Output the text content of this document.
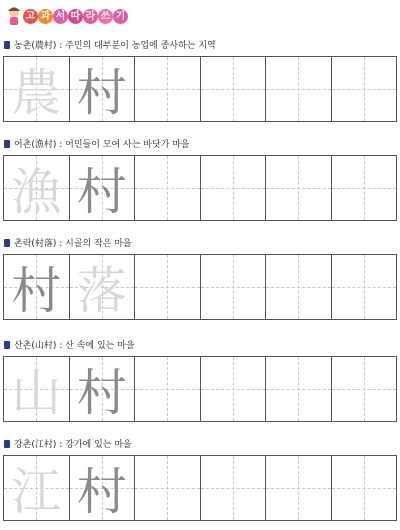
고 과 서 따 라 쓰 기
농촌(農村) : 주민의 대부분이 농업에 종사하는 지역
農 村
어촌(漁村) : 어민들이 모여 사는 바닷가 마을
漁 村
촌락(村落) : 시골의 작은 마을
村 落
산촌(山村) : 산 속에 있는 마을
山 村
강촌(江村) : 강가에 있는 마을
江 村
